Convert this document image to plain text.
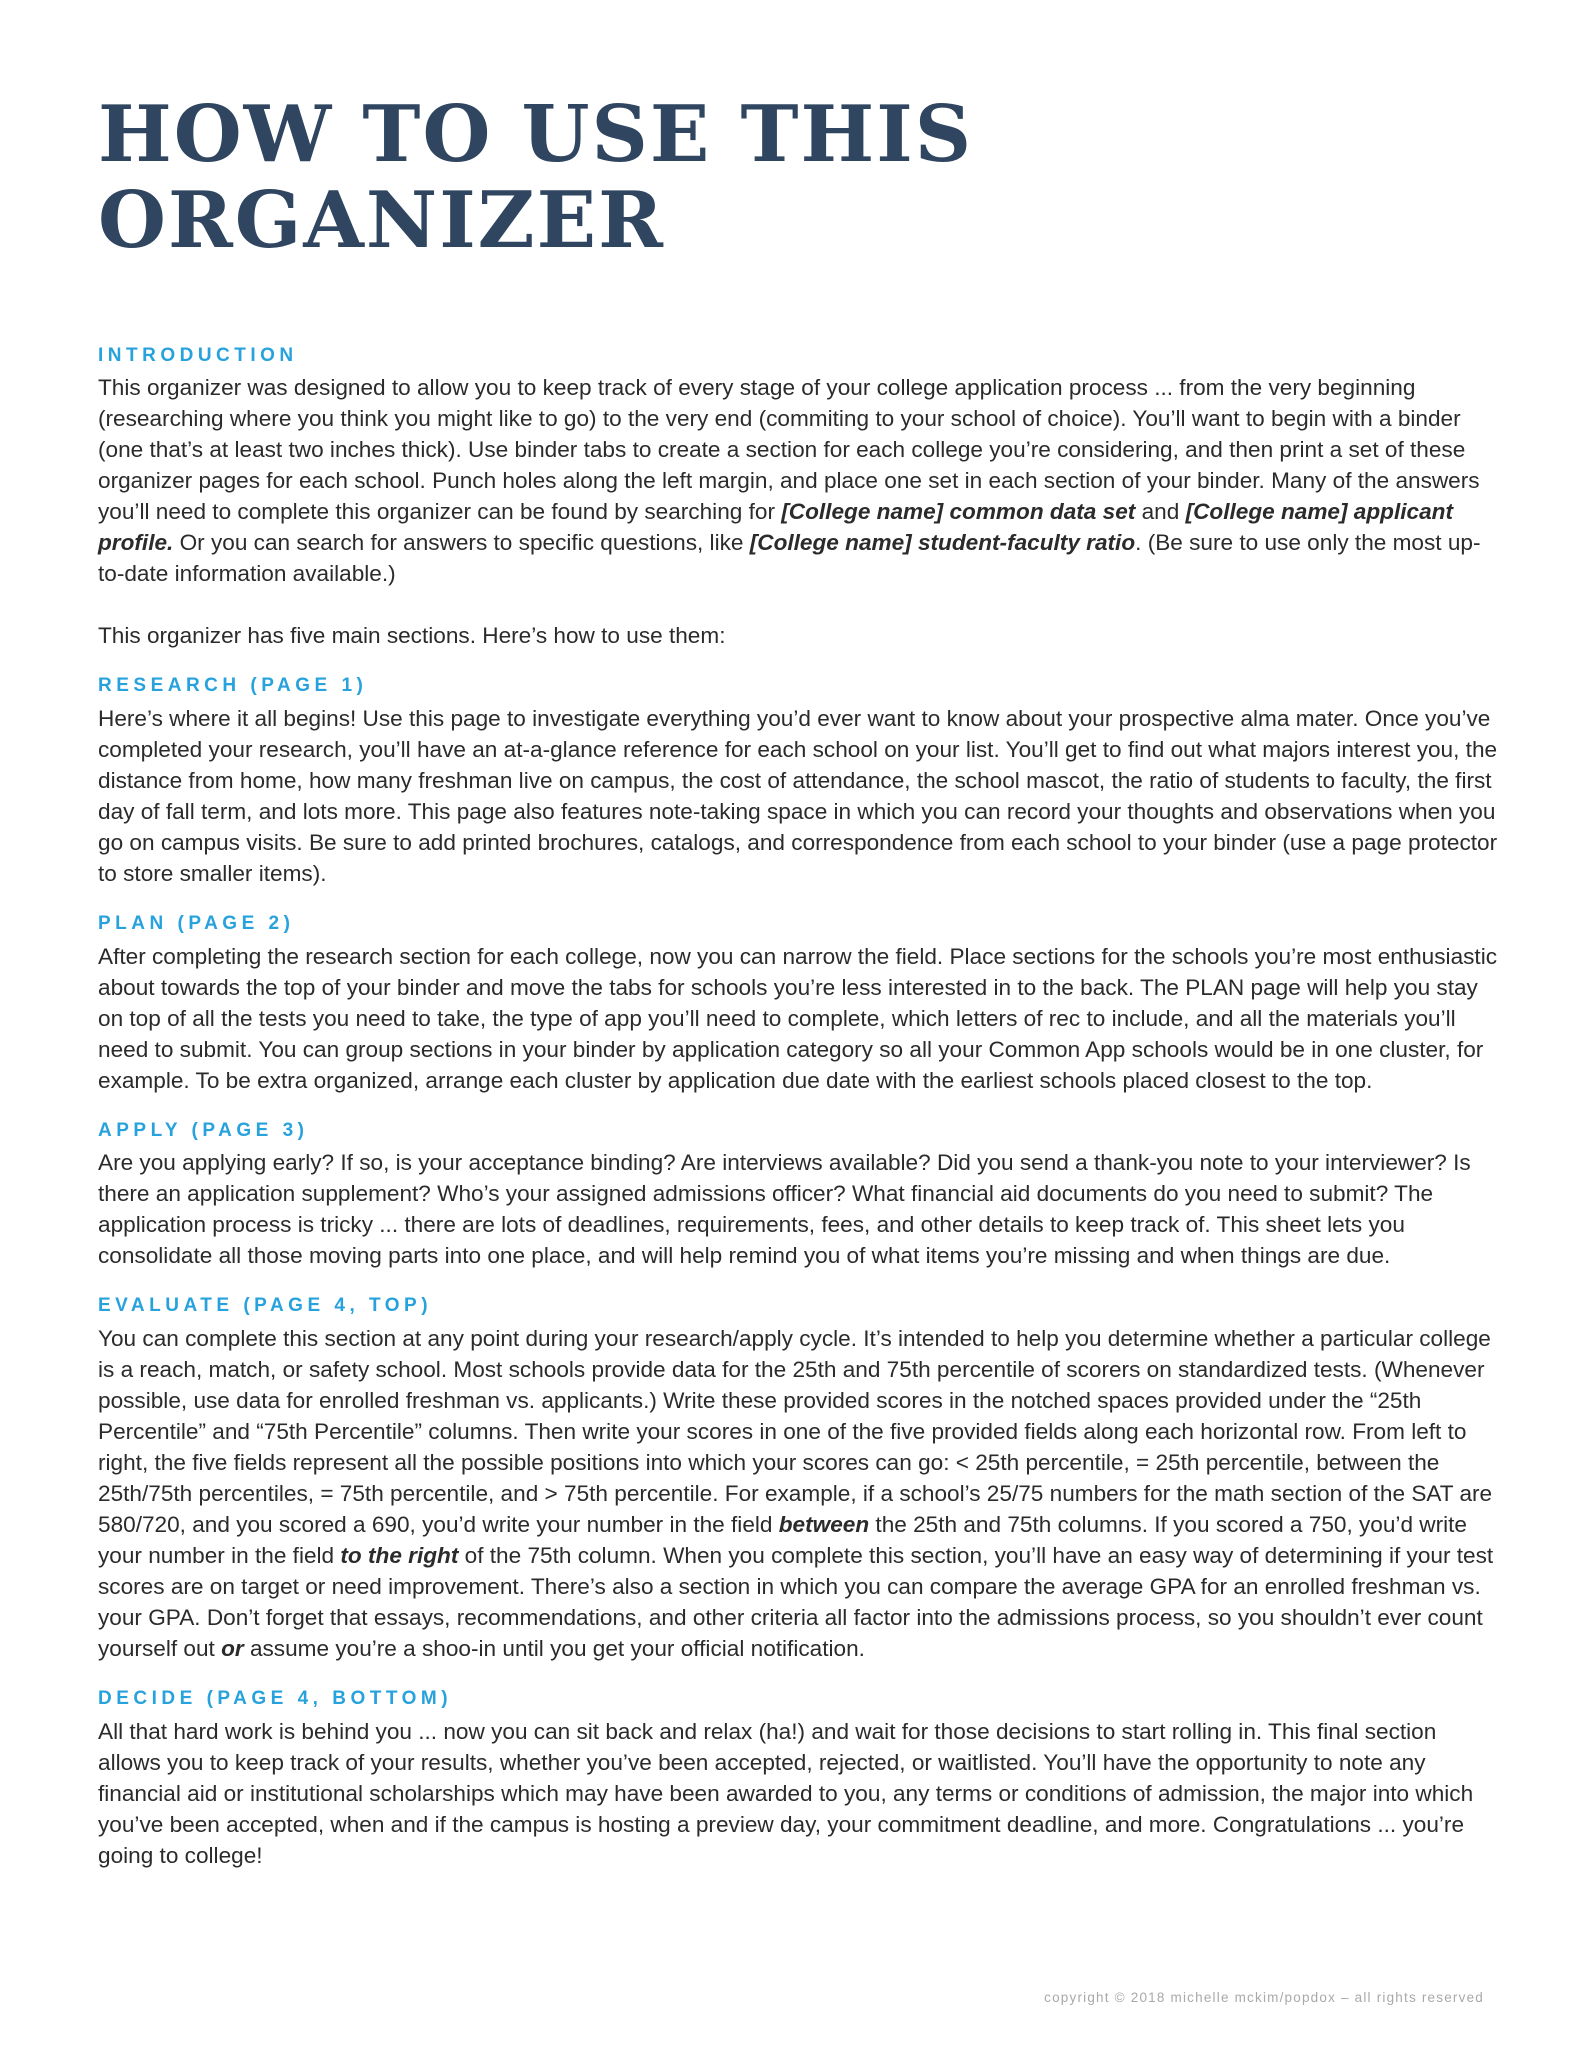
HOW TO USE THIS ORGANIZER
INTRODUCTION

This organizer was designed to allow you to keep track of every stage of your college application process ... from the very beginning (researching where you think you might like to go) to the very end (commiting to your school of choice). You’ll want to begin with a binder (one that’s at least two inches thick). Use binder tabs to create a section for each college you’re considering, and then print a set of these organizer pages for each school. Punch holes along the left margin, and place one set in each section of your binder. Many of the answers you’ll need to complete this organizer can be found by searching for [College name] common data set and [College name] applicant profile. Or you can search for answers to specific questions, like [College name] student-faculty ratio. (Be sure to use only the most up-to-date information available.)

This organizer has five main sections. Here’s how to use them:

RESEARCH (PAGE 1)

Here’s where it all begins! Use this page to investigate everything you’d ever want to know about your prospective alma mater. Once you’ve completed your research, you’ll have an at-a-glance reference for each school on your list. You’ll get to find out what majors interest you, the distance from home, how many freshman live on campus, the cost of attendance, the school mascot, the ratio of students to faculty, the first day of fall term, and lots more. This page also features note-taking space in which you can record your thoughts and observations when you go on campus visits. Be sure to add printed brochures, catalogs, and correspondence from each school to your binder (use a page protector to store smaller items).

PLAN (PAGE 2)

After completing the research section for each college, now you can narrow the field. Place sections for the schools you’re most enthusiastic about towards the top of your binder and move the tabs for schools you’re less interested in to the back. The PLAN page will help you stay on top of all the tests you need to take, the type of app you’ll need to complete, which letters of rec to include, and all the materials you’ll need to submit. You can group sections in your binder by application category so all your Common App schools would be in one cluster, for example. To be extra organized, arrange each cluster by application due date with the earliest schools placed closest to the top.

APPLY (PAGE 3)

Are you applying early? If so, is your acceptance binding? Are interviews available? Did you send a thank-you note to your interviewer? Is there an application supplement? Who’s your assigned admissions officer? What financial aid documents do you need to submit? The application process is tricky ... there are lots of deadlines, requirements, fees, and other details to keep track of. This sheet lets you consolidate all those moving parts into one place, and will help remind you of what items you’re missing and when things are due.

EVALUATE (PAGE 4, TOP)

You can complete this section at any point during your research/apply cycle. It’s intended to help you determine whether a particular college is a reach, match, or safety school. Most schools provide data for the 25th and 75th percentile of scorers on standardized tests. (Whenever possible, use data for enrolled freshman vs. applicants.) Write these provided scores in the notched spaces provided under the “25th Percentile” and “75th Percentile” columns. Then write your scores in one of the five provided fields along each horizontal row. From left to right, the five fields represent all the possible positions into which your scores can go: < 25th percentile, = 25th percentile, between the 25th/75th percentiles, = 75th percentile, and > 75th percentile. For example, if a school’s 25/75 numbers for the math section of the SAT are 580/720, and you scored a 690, you’d write your number in the field between the 25th and 75th columns. If you scored a 750, you’d write your number in the field to the right of the 75th column. When you complete this section, you’ll have an easy way of determining if your test scores are on target or need improvement. There’s also a section in which you can compare the average GPA for an enrolled freshman vs. your GPA. Don’t forget that essays, recommendations, and other criteria all factor into the admissions process, so you shouldn’t ever count yourself out or assume you’re a shoo-in until you get your official notification.

DECIDE (PAGE 4, BOTTOM)

All that hard work is behind you ... now you can sit back and relax (ha!) and wait for those decisions to start rolling in. This final section allows you to keep track of your results, whether you’ve been accepted, rejected, or waitlisted. You’ll have the opportunity to note any financial aid or institutional scholarships which may have been awarded to you, any terms or conditions of admission, the major into which you’ve been accepted, when and if the campus is hosting a preview day, your commitment deadline, and more. Congratulations ... you’re going to college!

copyright © 2018 michelle mckim/popdox – all rights reserved
